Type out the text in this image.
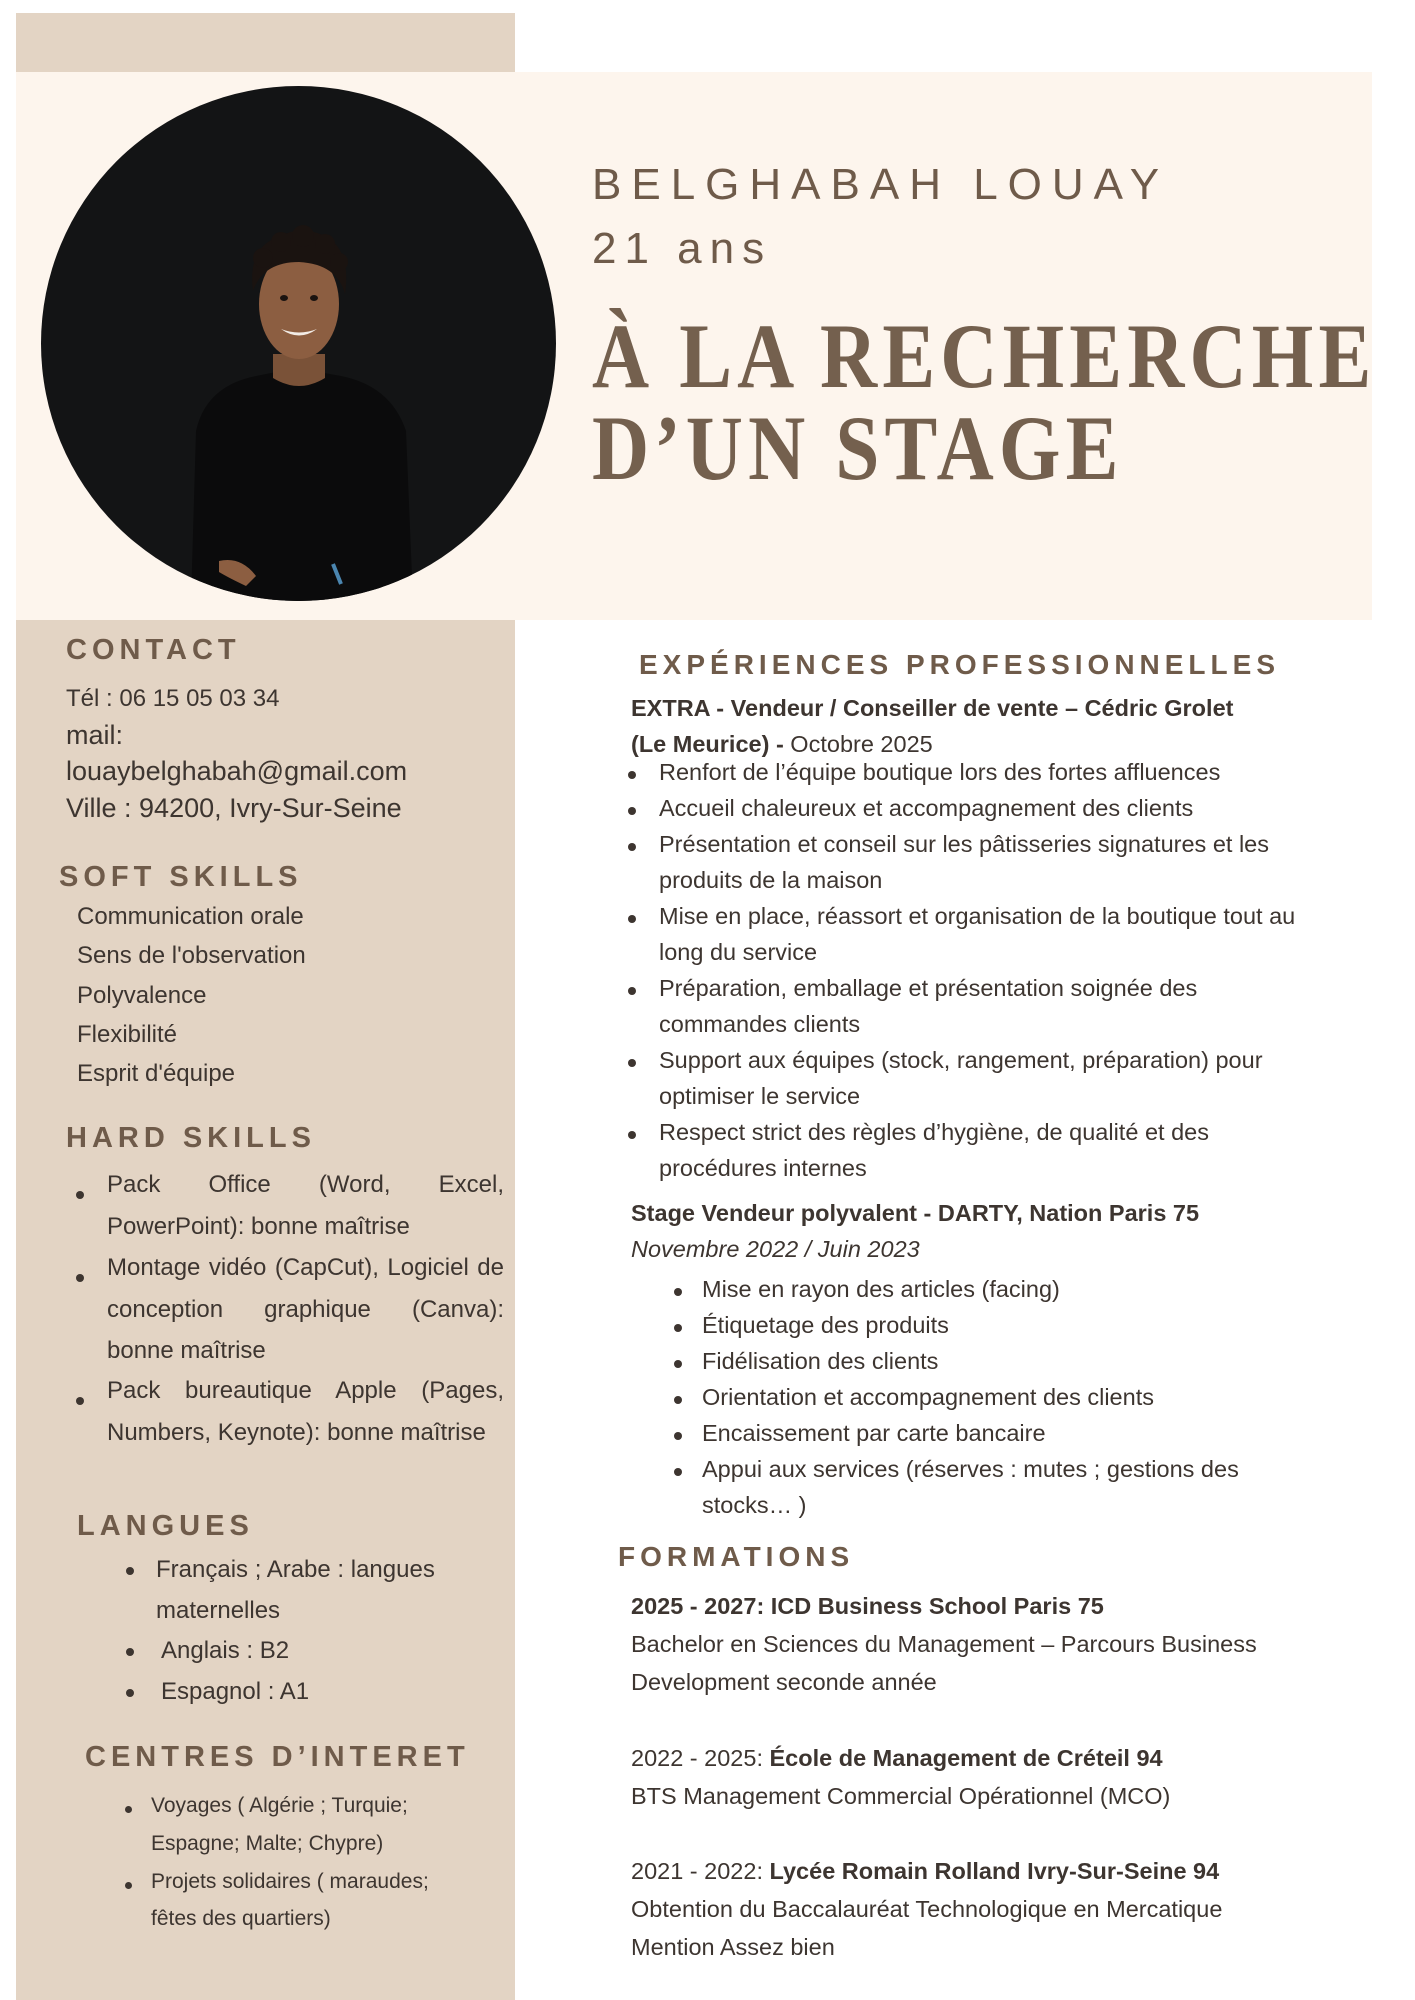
BELGHABAH LOUAY
21 ans
À LA RECHERCHE
D’UN STAGE
CONTACT
Tél : 06 15 05 03 34
mail:
louaybelghabah@gmail.com
Ville : 94200, Ivry-Sur-Seine
SOFT SKILLS
Communication orale
Sens de l'observation
Polyvalence
Flexibilité
Esprit d'équipe
HARD SKILLS
Pack Office (Word, Excel, PowerPoint): bonne maîtrise
Montage vidéo (CapCut), Logiciel de conception graphique (Canva): bonne maîtrise
Pack bureautique Apple (Pages, Numbers, Keynote): bonne maîtrise
LANGUES
Français ; Arabe : langues
maternelles
Anglais : B2
Espagnol : A1
CENTRES D’INTERET
Voyages ( Algérie ; Turquie;
Espagne; Malte; Chypre)
Projets solidaires ( maraudes;
fêtes des quartiers)
EXPÉRIENCES PROFESSIONNELLES
EXTRA - Vendeur / Conseiller de vente – Cédric Grolet
(Le Meurice) - Octobre 2025
Renfort de l’équipe boutique lors des fortes affluences
Accueil chaleureux et accompagnement des clients
Présentation et conseil sur les pâtisseries signatures et les
produits de la maison
Mise en place, réassort et organisation de la boutique tout au
long du service
Préparation, emballage et présentation soignée des
commandes clients
Support aux équipes (stock, rangement, préparation) pour
optimiser le service
Respect strict des règles d’hygiène, de qualité et des
procédures internes
Stage Vendeur polyvalent - DARTY, Nation Paris 75
Novembre 2022 / Juin 2023
Mise en rayon des articles (facing)
Étiquetage des produits
Fidélisation des clients
Orientation et accompagnement des clients
Encaissement par carte bancaire
Appui aux services (réserves : mutes ; gestions des
stocks… )
FORMATIONS
2025 - 2027: ICD Business School Paris 75
Bachelor en Sciences du Management – Parcours Business
Development seconde année
2022 - 2025: École de Management de Créteil 94
BTS Management Commercial Opérationnel (MCO)
2021 - 2022: Lycée Romain Rolland Ivry-Sur-Seine 94
Obtention du Baccalauréat Technologique en Mercatique
Mention Assez bien
